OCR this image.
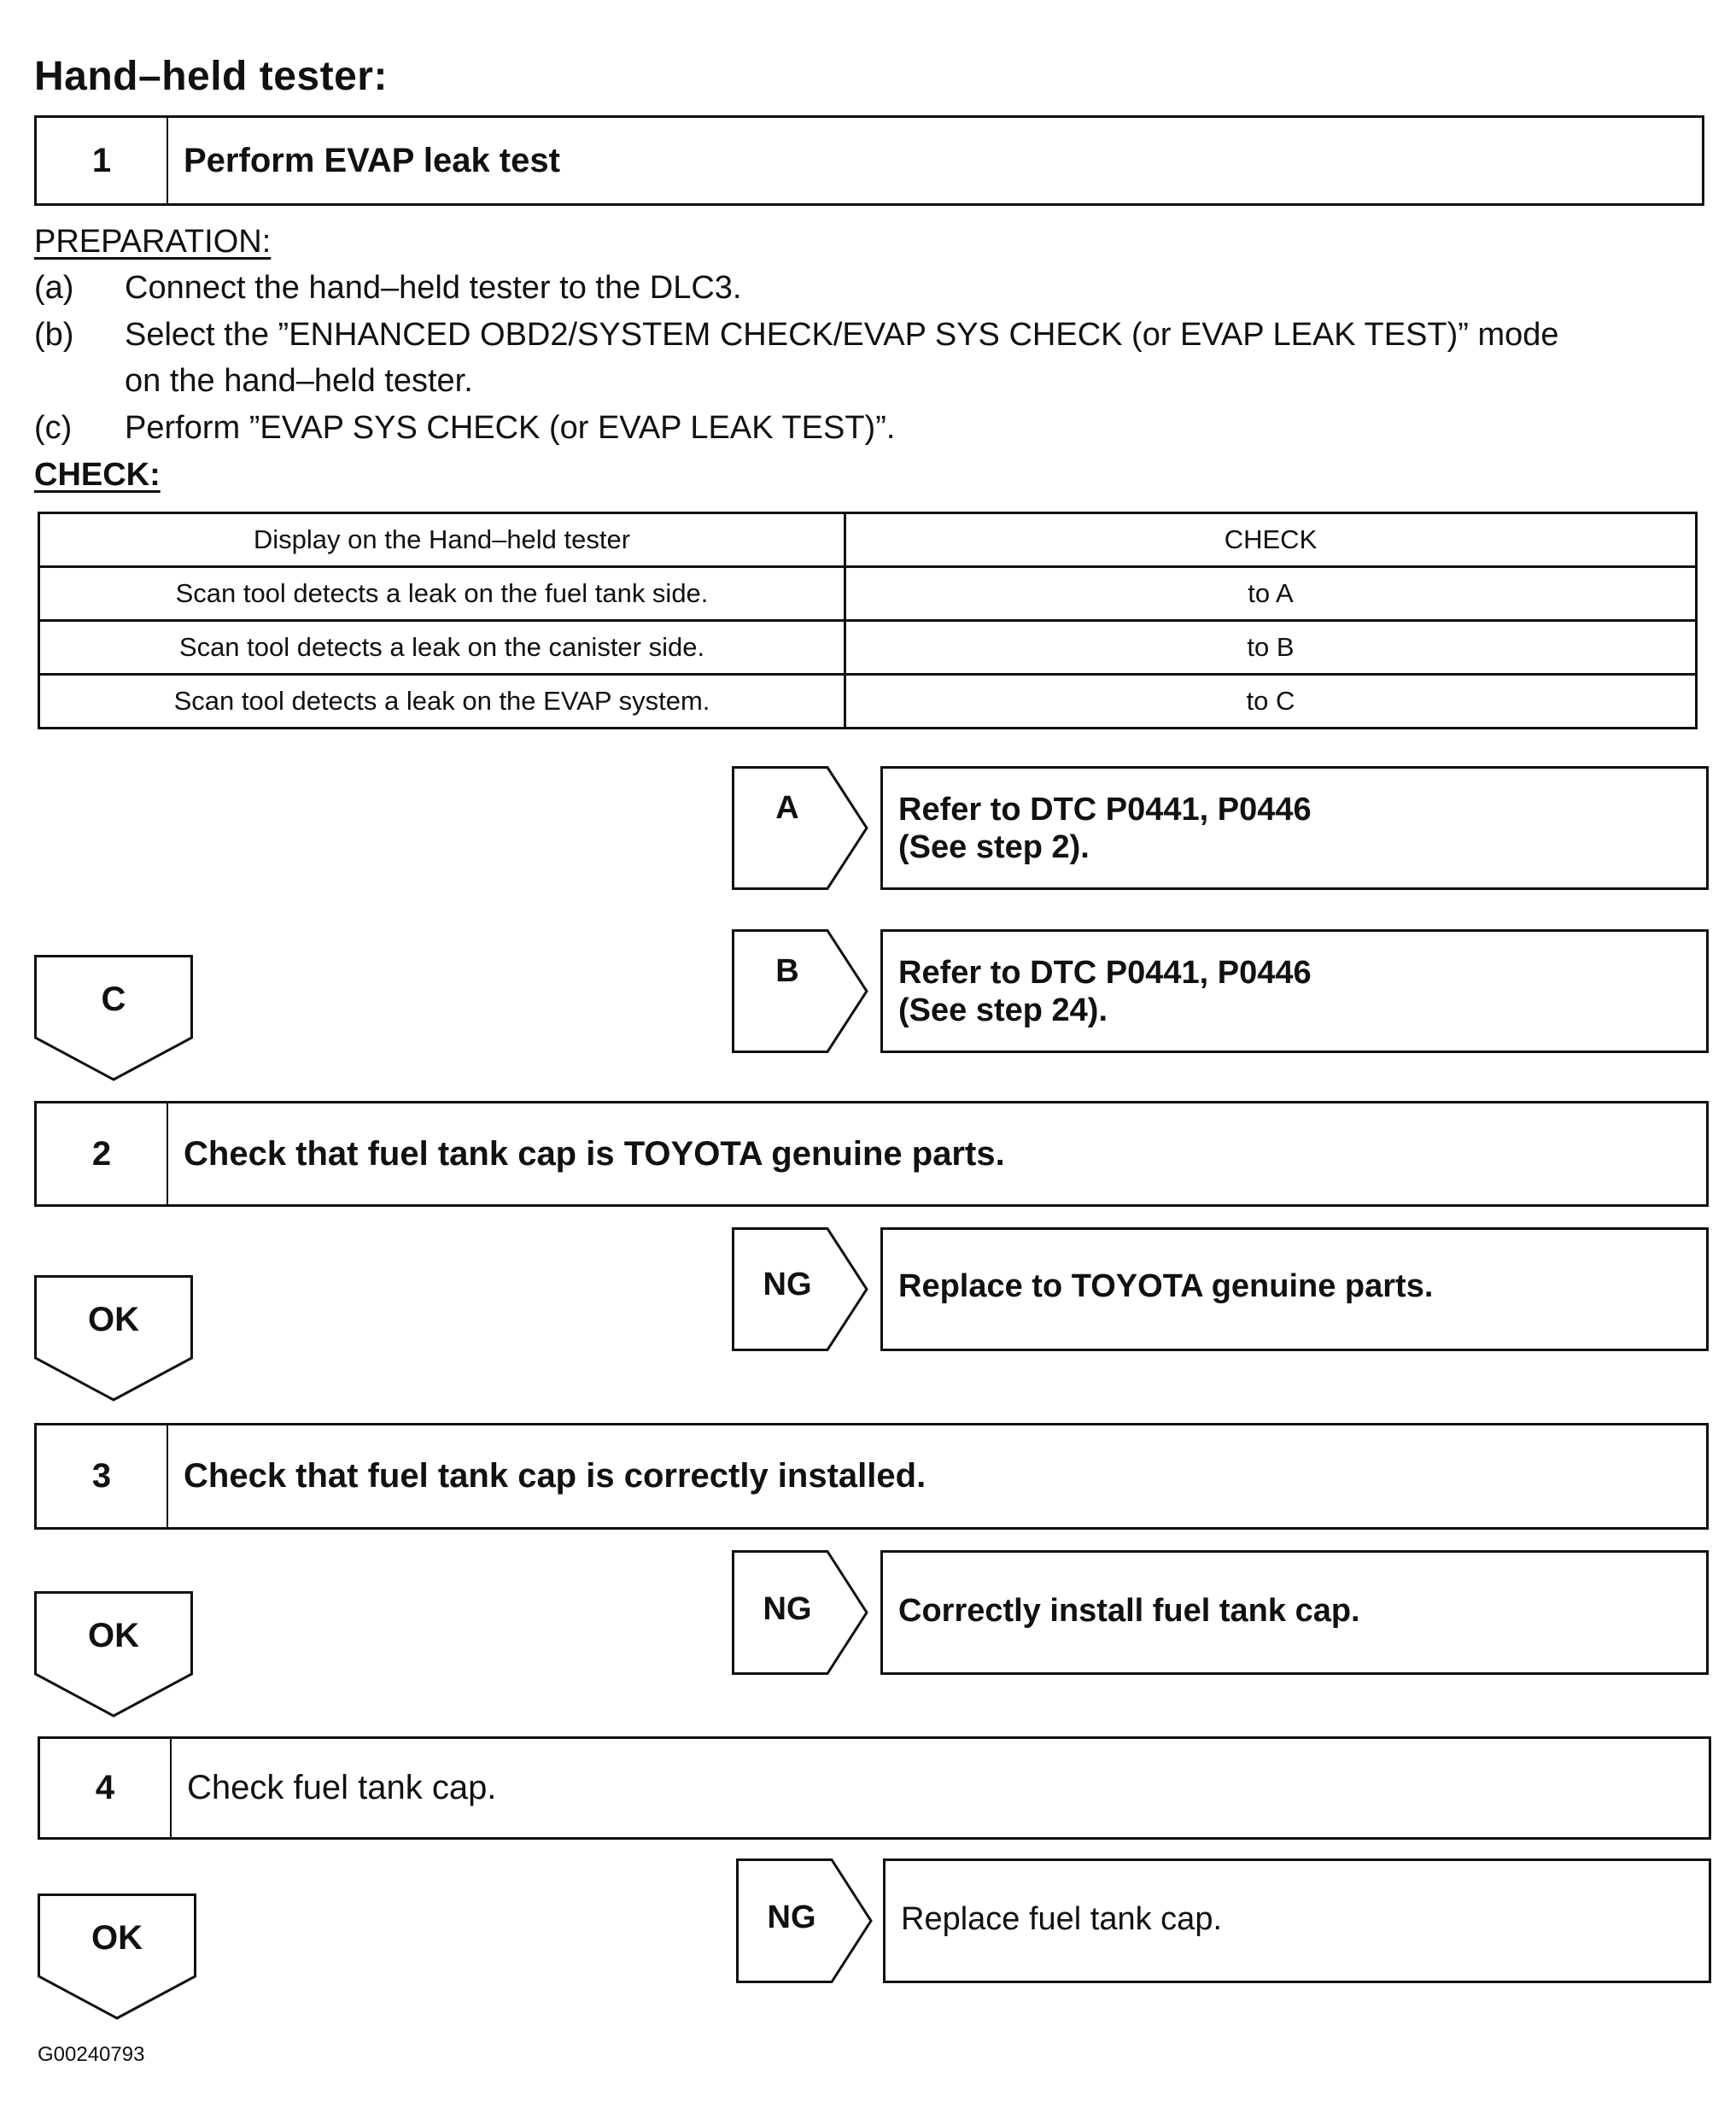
Hand–held tester:
1	Perform EVAP leak test
PREPARATION:
(a) Connect the hand–held tester to the DLC3.
(b) Select the ”ENHANCED OBD2/SYSTEM CHECK/EVAP SYS CHECK (or EVAP LEAK TEST)” mode
on the hand–held tester.
(c) Perform ”EVAP SYS CHECK (or EVAP LEAK TEST)”.
CHECK:
Display on the Hand–held tester	CHECK
Scan tool detects a leak on the fuel tank side.	to A
Scan tool detects a leak on the canister side.	to B
Scan tool detects a leak on the EVAP system.	to C
A	Refer to DTC P0441, P0446
(See step 2).
B	Refer to DTC P0441, P0446
(See step 24).
C
2	Check that fuel tank cap is TOYOTA genuine parts.
NG	Replace to TOYOTA genuine parts.
OK
3	Check that fuel tank cap is correctly installed.
NG	Correctly install fuel tank cap.
OK
4	Check fuel tank cap.
NG	Replace fuel tank cap.
OK
G00240793
